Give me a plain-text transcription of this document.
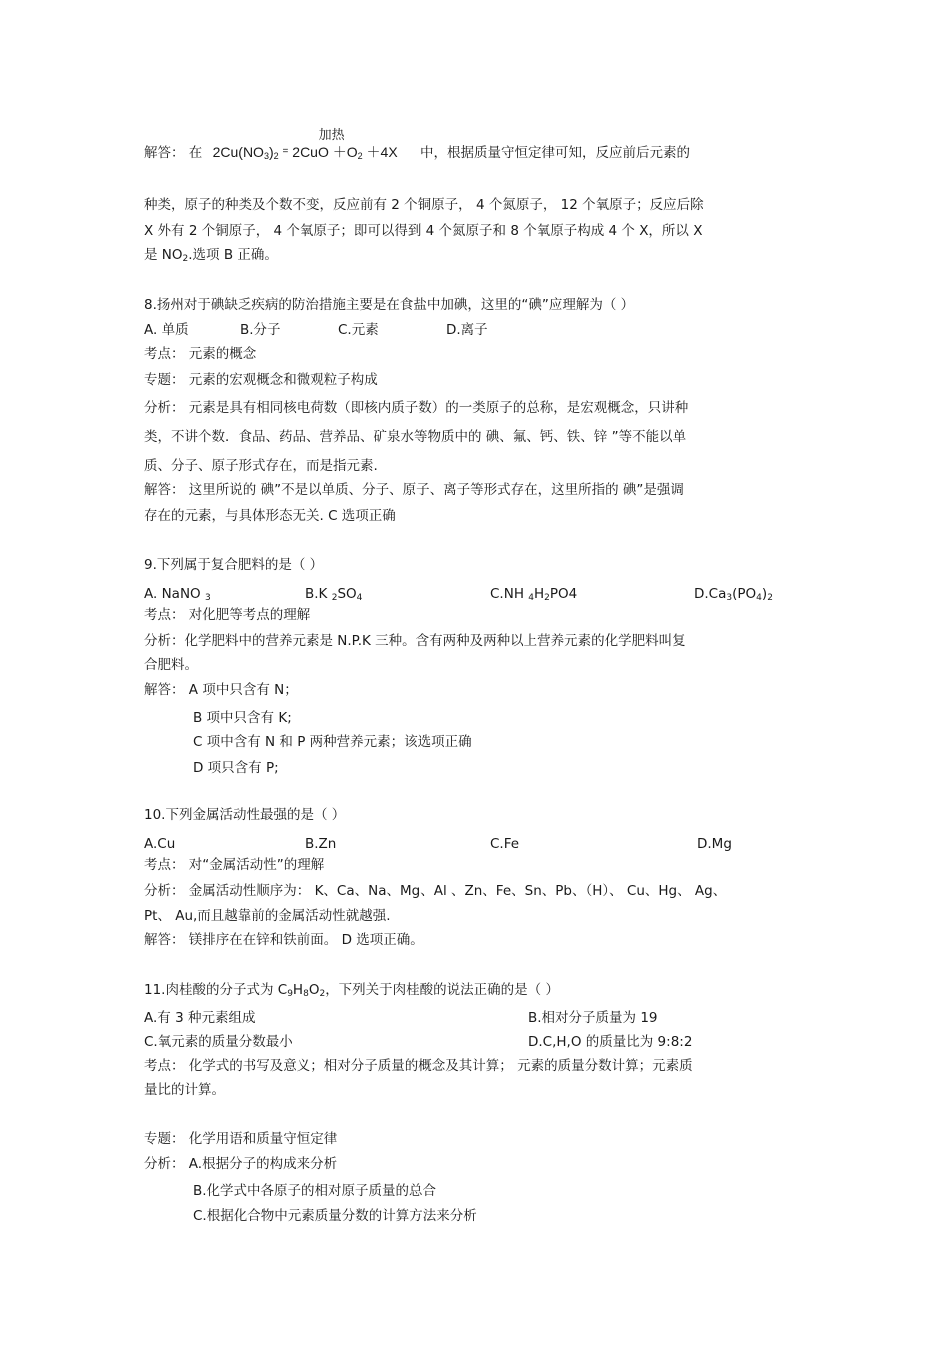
解答： 在 $2Cu(NO_3)_2$
加热
= $2CuO +O_2 +4X$ 中，根据质量守恒定律可知，反应前后元素的
种类，原子的种类及个数不变，反应前有 2 个铜原子， 4 个氮原子， 12 个氧原子；反应后除
X 外有 2 个铜原子， 4 个氧原子；即可以得到 4 个氮原子和 8 个氧原子构成 4 个 X，所以 X
是 $NO_2$.选项 B 正确。
8.扬州对于碘缺乏疾病的防治措施主要是在食盐中加碘，这里的“碘”应理解为（ ）
A. 单质	B.分子	C.元素	D.离子
考点： 元素的概念
专题： 元素的宏观概念和微观粒子构成
分析： 元素是具有相同核电荷数（即核内质子数）的一类原子的总称，是宏观概念，只讲种
类，不讲个数．食品、药品、营养品、矿泉水等物质中的 碘、氟、钙、铁、锌 ”等不能以单
质、分子、原子形式存在，而是指元素.
解答： 这里所说的 碘”不是以单质、分子、原子、离子等形式存在，这里所指的 碘”是强调
存在的元素，与具体形态无关. C 选项正确
9.下列属于复合肥料的是（ ）
A. NaNO $_3$	B.K $_2SO_4$	C.NH $_4H_2PO4$	$D.Ca_3(PO_4)_2$
考点： 对化肥等考点的理解
分析：化学肥料中的营养元素是 N.P.K 三种。含有两种及两种以上营养元素的化学肥料叫复
合肥料。
解答： A 项中只含有 N；
B 项中只含有 K;
C 项中含有 N 和 P 两种营养元素；该选项正确
D 项只含有 P;
10.下列金属活动性最强的是（ ）
A.Cu	B.Zn	C.Fe	D.Mg
考点： 对“金属活动性”的理解
分析： 金属活动性顺序为： K、Ca、Na、Mg、Al 、Zn、Fe、Sn、Pb、（H）、 Cu、Hg、 Ag、
Pt、 Au,而且越靠前的金属活动性就越强.
解答： 镁排序在在锌和铁前面。 D 选项正确。
11.肉桂酸的分子式为 $C_9H_8O_2$，下列关于肉桂酸的说法正确的是（ ）
A.有 3 种元素组成	B.相对分子质量为 19
C.氧元素的质量分数最小	D.C,H,O 的质量比为 9:8:2
考点： 化学式的书写及意义；相对分子质量的概念及其计算； 元素的质量分数计算；元素质
量比的计算。
专题： 化学用语和质量守恒定律
分析： A.根据分子的构成来分析
B.化学式中各原子的相对原子质量的总合
C.根据化合物中元素质量分数的计算方法来分析
